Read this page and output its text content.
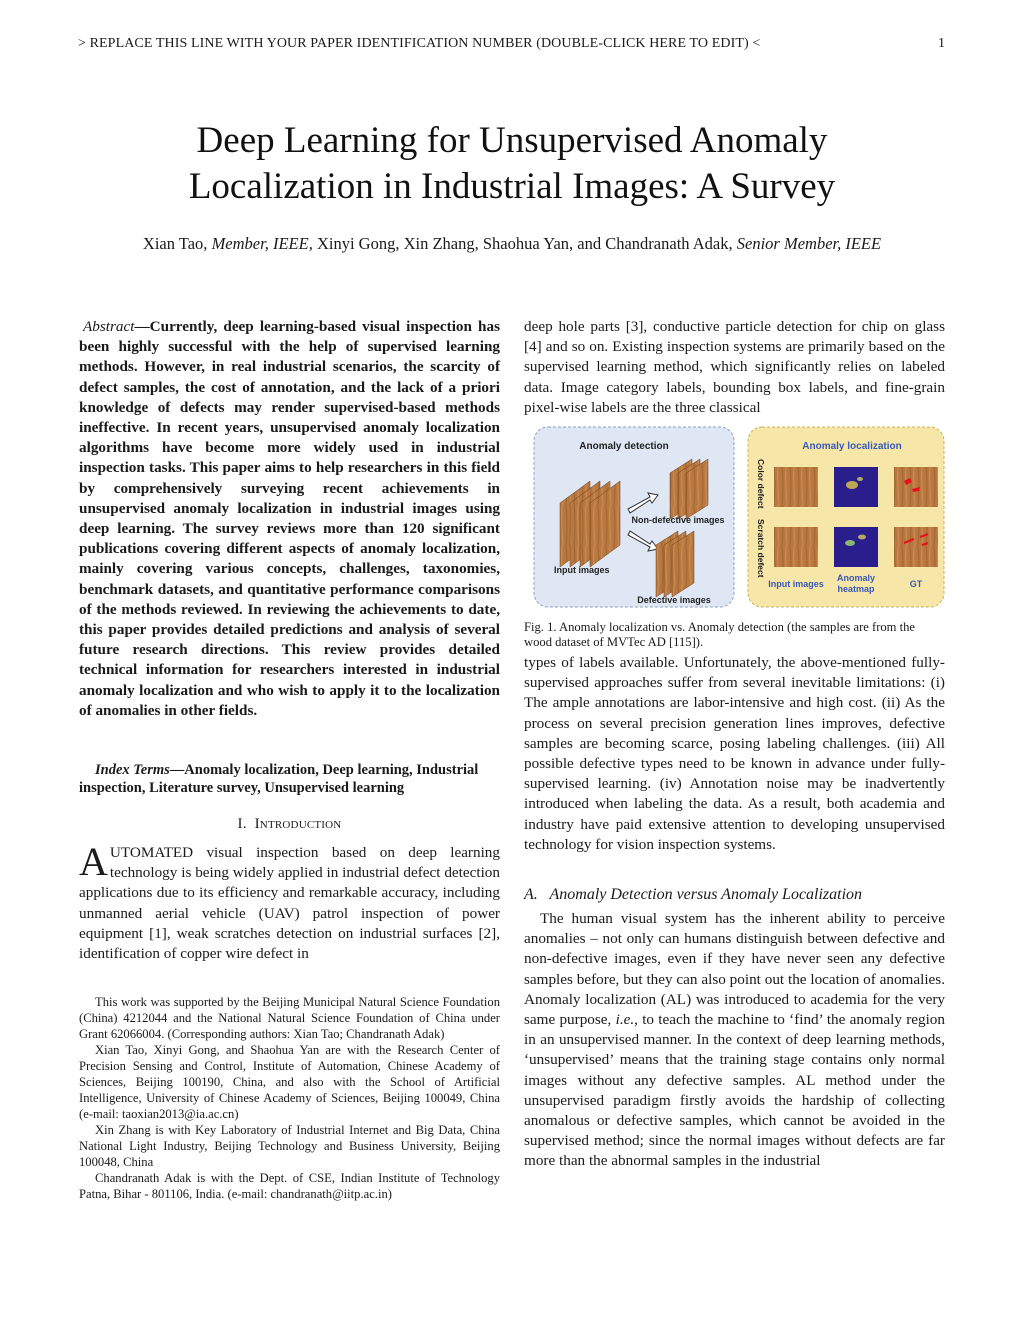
> REPLACE THIS LINE WITH YOUR PAPER IDENTIFICATION NUMBER (DOUBLE-CLICK HERE TO EDIT) <	1
Deep Learning for Unsupervised Anomaly
Localization in Industrial Images: A Survey
Xian Tao, Member, IEEE, Xinyi Gong, Xin Zhang, Shaohua Yan, and Chandranath Adak, Senior Member, IEEE
Abstract—Currently, deep learning-based visual inspection has been highly successful with the help of supervised learning methods. However, in real industrial scenarios, the scarcity of defect samples, the cost of annotation, and the lack of a priori knowledge of defects may render supervised-based methods ineffective. In recent years, unsupervised anomaly localization algorithms have become more widely used in industrial inspection tasks. This paper aims to help researchers in this field by comprehensively surveying recent achievements in unsupervised anomaly localization in industrial images using deep learning. The survey reviews more than 120 significant publications covering different aspects of anomaly localization, mainly covering various concepts, challenges, taxonomies, benchmark datasets, and quantitative performance comparisons of the methods reviewed. In reviewing the achievements to date, this paper provides detailed predictions and analysis of several future research directions. This review provides detailed technical information for researchers interested in industrial anomaly localization and who wish to apply it to the localization of anomalies in other fields.
Index Terms—Anomaly localization, Deep learning, Industrial inspection, Literature survey, Unsupervised learning
I. Introduction
AUTOMATED visual inspection based on deep learning technology is being widely applied in industrial defect detection applications due to its efficiency and remarkable accuracy, including unmanned aerial vehicle (UAV) patrol inspection of power equipment [1], weak scratches detection on industrial surfaces [2], identification of copper wire defect in

This work was supported by the Beijing Municipal Natural Science Foundation (China) 4212044 and the National Natural Science Foundation of China under Grant 62066004. (Corresponding authors: Xian Tao; Chandranath Adak)

Xian Tao, Xinyi Gong, and Shaohua Yan are with the Research Center of Precision Sensing and Control, Institute of Automation, Chinese Academy of Sciences, Beijing 100190, China, and also with the School of Artificial Intelligence, University of Chinese Academy of Sciences, Beijing 100049, China (e-mail: taoxian2013@ia.ac.cn)

Xin Zhang is with Key Laboratory of Industrial Internet and Big Data, China National Light Industry, Beijing Technology and Business University, Beijing 100048, China

Chandranath Adak is with the Dept. of CSE, Indian Institute of Technology Patna, Bihar - 801106, India. (e-mail: chandranath@iitp.ac.in)

deep hole parts [3], conductive particle detection for chip on glass [4] and so on. Existing inspection systems are primarily based on the supervised learning method, which significantly relies on labeled data. Image category labels, bounding box labels, and fine-grain pixel-wise labels are the three classical
Anomaly detection
Input images
Non-defective images
Defective images
Anomaly localization
Color defect
Scratch defect
Input images
Anomaly
heatmap	GT
Fig. 1. Anomaly localization vs. Anomaly detection (the samples are from the wood dataset of MVTec AD [115]).
types of labels available. Unfortunately, the above-mentioned fully-supervised approaches suffer from several inevitable limitations: (i) The ample annotations are labor-intensive and high cost. (ii) As the process on several precision generation lines improves, defective samples are becoming scarce, posing labeling challenges. (iii) All possible defective types need to be known in advance under fully-supervised learning. (iv) Annotation noise may be inadvertently introduced when labeling the data. As a result, both academia and industry have paid extensive attention to developing unsupervised technology for vision inspection systems.
A. Anomaly Detection versus Anomaly Localization
The human visual system has the inherent ability to perceive anomalies – not only can humans distinguish between defective and non-defective images, even if they have never seen any defective samples before, but they can also point out the location of anomalies. Anomaly localization (AL) was introduced to academia for the very same purpose, i.e., to teach the machine to ‘find’ the anomaly region in an unsupervised manner. In the context of deep learning methods, ‘unsupervised’ means that the training stage contains only normal images without any defective samples. AL method under the unsupervised paradigm firstly avoids the hardship of collecting anomalous or defective samples, which cannot be avoided in the supervised method; since the normal images without defects are far more than the abnormal samples in the industrial
